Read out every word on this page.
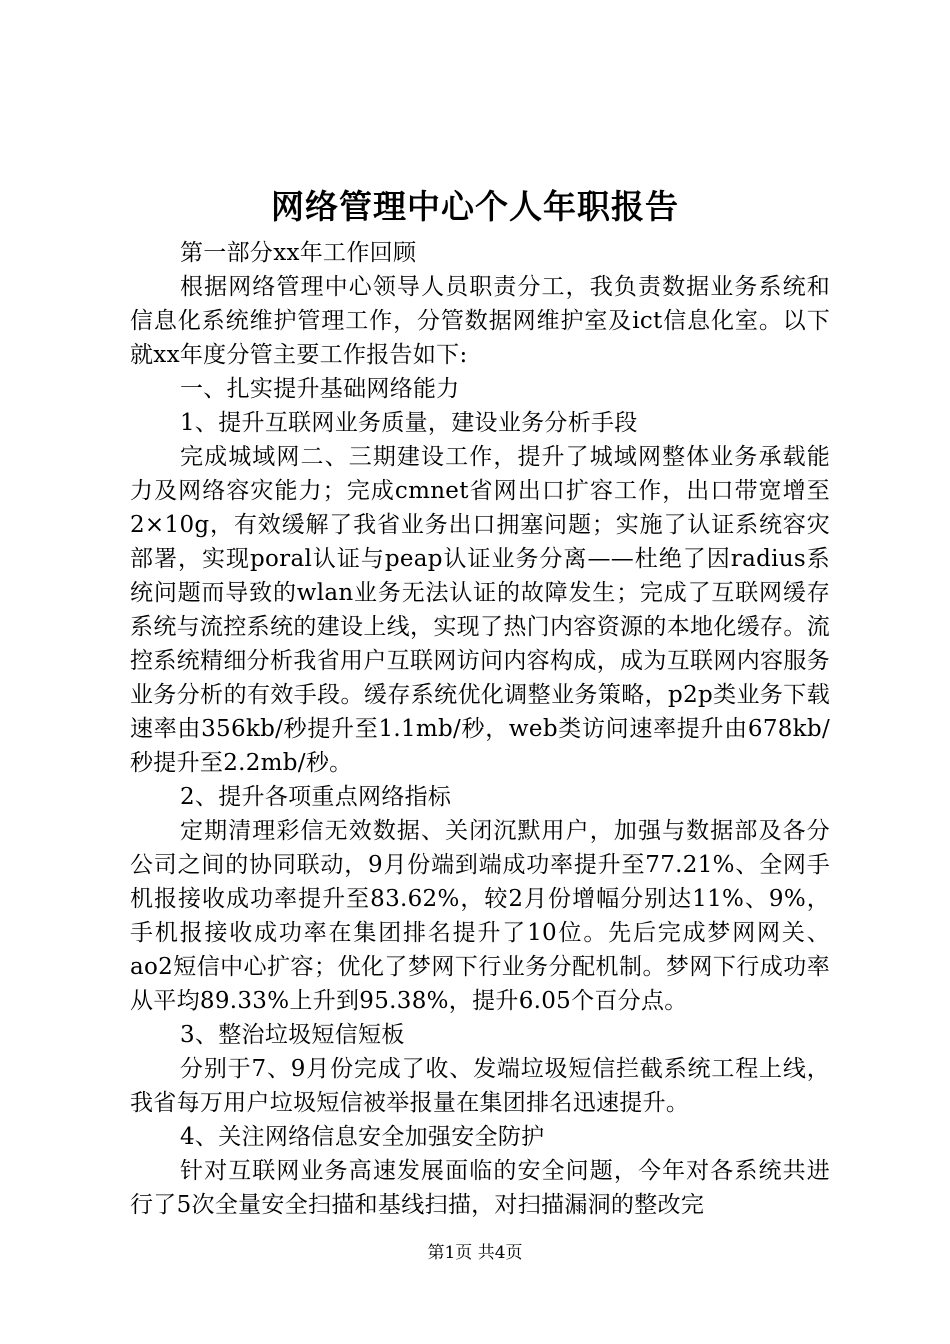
网络管理中心个人年职报告

第一部分xx年工作回顾

根据网络管理中心领导人员职责分工，我负责数据业务系统和信息化系统维护管理工作，分管数据网维护室及ict信息化室。以下就xx年度分管主要工作报告如下:

一、扎实提升基础网络能力

1、提升互联网业务质量，建设业务分析手段

完成城域网二、三期建设工作，提升了城域网整体业务承载能力及网络容灾能力；完成cmnet省网出口扩容工作，出口带宽增至2×10g，有效缓解了我省业务出口拥塞问题；实施了认证系统容灾部署，实现poral认证与peap认证业务分离——杜绝了因radius系统问题而导致的wlan业务无法认证的故障发生；完成了互联网缓存系统与流控系统的建设上线，实现了热门内容资源的本地化缓存。流控系统精细分析我省用户互联网访问内容构成，成为互联网内容服务业务分析的有效手段。缓存系统优化调整业务策略，p2p类业务下载速率由356kb/秒提升至1.1mb/秒，web类访问速率提升由678kb/秒提升至2.2mb/秒。

2、提升各项重点网络指标

定期清理彩信无效数据、关闭沉默用户，加强与数据部及各分公司之间的协同联动，9月份端到端成功率提升至77.21%、全网手机报接收成功率提升至83.62%，较2月份增幅分别达11%、9%，手机报接收成功率在集团排名提升了10位。先后完成梦网网关、ao2短信中心扩容；优化了梦网下行业务分配机制。梦网下行成功率从平均89.33%上升到95.38%，提升6.05个百分点。

3、整治垃圾短信短板

分别于7、9月份完成了收、发端垃圾短信拦截系统工程上线，我省每万用户垃圾短信被举报量在集团排名迅速提升。

4、关注网络信息安全加强安全防护

针对互联网业务高速发展面临的安全问题，今年对各系统共进行了5次全量安全扫描和基线扫描，对扫描漏洞的整改完

第1页 共4页
